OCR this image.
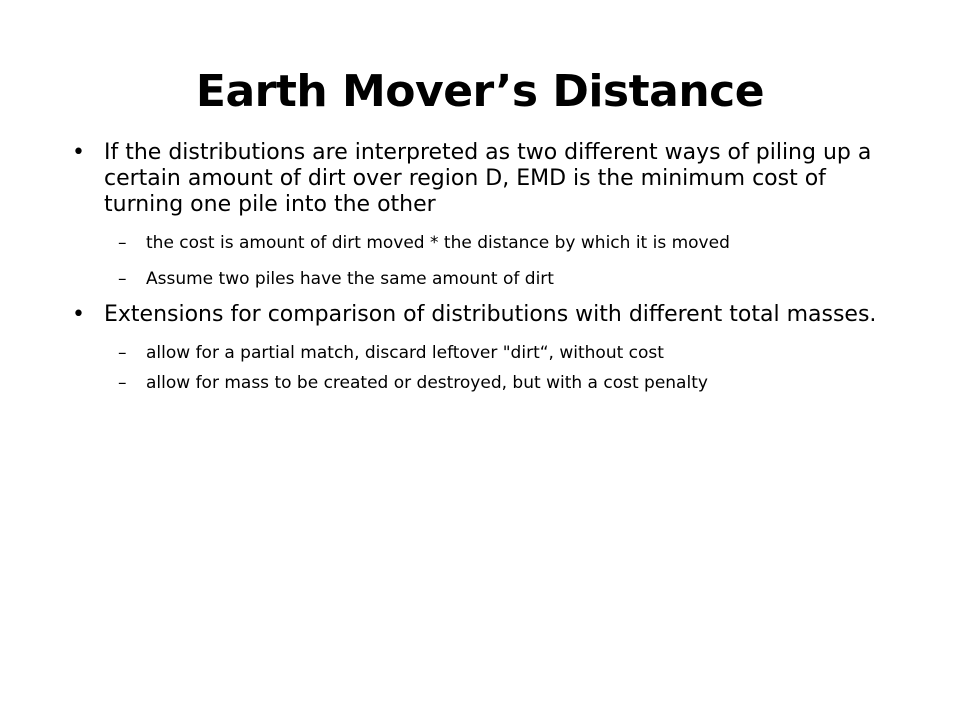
Earth Mover’s Distance
• If the distributions are interpreted as two different ways of piling up a certain amount of dirt over region D, EMD is the minimum cost of turning one pile into the other
– the cost is amount of dirt moved * the distance by which it is moved
– Assume two piles have the same amount of dirt
• Extensions for comparison of distributions with different total masses.
– allow for a partial match, discard leftover "dirt“, without cost
– allow for mass to be created or destroyed, but with a cost penalty
